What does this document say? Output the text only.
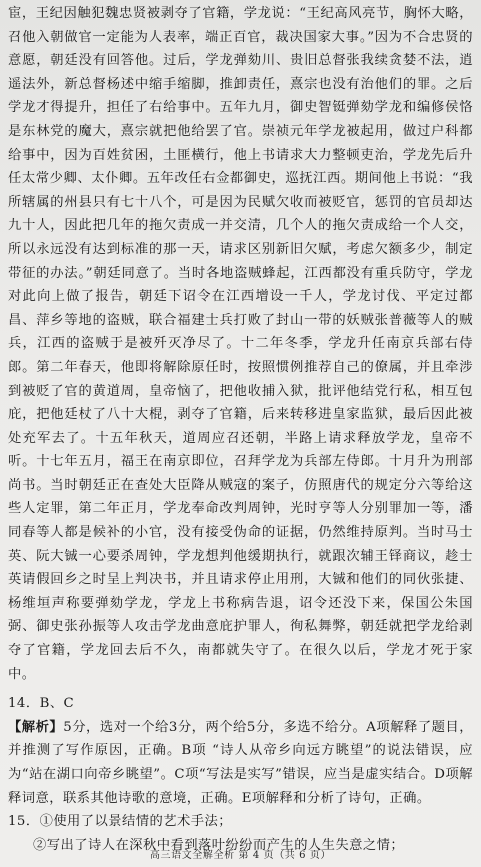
宦，王纪因触犯魏忠贤被剥夺了官籍，学龙说：“王纪高风亮节，胸怀大略，召他入朝做官一定能为人表率，端正百官，裁决国家大事。”因为不合忠贤的意愿，朝廷没有回答他。过后，学龙弹劾川、贵旧总督张我续贪婪不法，逍遥法外，新总督杨述中缩手缩脚，推卸责任，熹宗也没有治他们的罪。之后学龙才得提升，担任了右给事中。五年九月，御史智铤弹劾学龙和编修侯恪是东林党的魔大，熹宗就把他给罢了官。崇祯元年学龙被起用，做过户科都给事中，因为百姓贫困，土匪横行，他上书请求大力整顿吏治，学龙先后升任太常少卿、太仆卿。五年改任右佥都御史，巡抚江西。期间他上书说：“我所辖属的州县只有七十八个，可是因为民赋欠收而被贬官，惩罚的官员却达九十人，因此把几年的拖欠责成一并交清，几个人的拖欠责成给一个人交，所以永远没有达到标准的那一天，请求区别新旧欠赋，考虑欠额多少，制定带征的办法。”朝廷同意了。当时各地盗贼蜂起，江西都没有重兵防守，学龙对此向上做了报告，朝廷下诏令在江西增设一千人，学龙讨伐、平定过都昌、萍乡等地的盗贼，联合福建士兵打败了封山一带的妖贼张普薇等人的贼兵，江西的盗贼于是被歼灭净尽了。十二年冬季，学龙升任南京兵部右侍郎。第二年春天，他即将解除原任时，按照惯例推荐自己的僚属，并且牵涉到被贬了官的黄道周，皇帝恼了，把他收捕入狱，批评他结党行私，相互包庇，把他廷杖了八十大棍，剥夺了官籍，后来转移进皇家监狱，最后因此被处充军去了。十五年秋天，道周应召还朝，半路上请求释放学龙，皇帝不听。十七年五月，福王在南京即位，召拜学龙为兵部左侍郎。十月升为刑部尚书。当时朝廷正在查处大臣降从贼寇的案子，仿照唐代的规定分六等给这些人定罪，第二年正月，学龙奉命改判周钟，光时亨等人分别罪加一等，潘同春等人都是候补的小官，没有接受伪命的证据，仍然维持原判。当时马士英、阮大铖一心要杀周钟，学龙想判他缓期执行，就跟次辅王铎商议，趁士英请假回乡之时呈上判决书，并且请求停止用刑，大铖和他们的同伙张捷、杨维垣声称要弹劾学龙，学龙上书称病告退，诏令还没下来，保国公朱国弼、御史张孙振等人攻击学龙曲意庇护罪人，徇私舞弊，朝廷就把学龙给剥夺了官籍，学龙回去后不久，南都就失守了。在很久以后，学龙才死于家中。

14．B、C

【解析】5分，选对一个给3分，两个给5分，多选不给分。A项解释了题目，并推测了写作原因，正确。B项 “诗人从帝乡向远方眺望”的说法错误，应为“站在湖口向帝乡眺望”。C项“写法是实写”错误，应当是虚实结合。D项解释词意，联系其他诗歌的意境，正确。E项解释和分析了诗句，正确。

15．①使用了以景结情的艺术手法；

②写出了诗人在深秋中看到落叶纷纷而产生的人生失意之情；

高三语文全解全析 第 4 页（共 6 页）
